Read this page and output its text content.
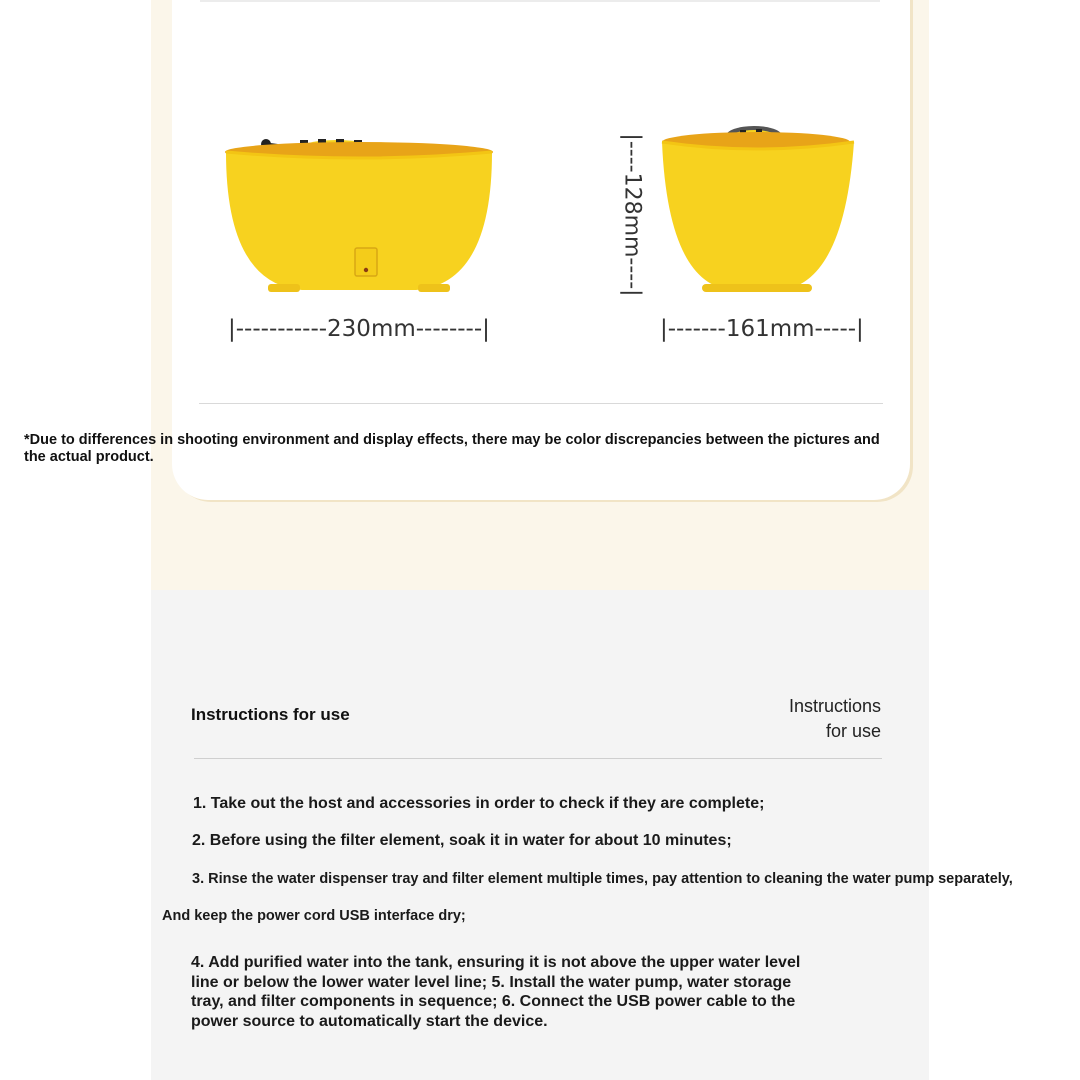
|-----------230mm--------|	|-------161mm-----|
|----128mm----|
*Due to differences in shooting environment and display effects, there may be color discrepancies between the pictures and the actual product.
Instructions for use	Instructions
for use
1. Take out the host and accessories in order to check if they are complete;
2. Before using the filter element, soak it in water for about 10 minutes;
3. Rinse the water dispenser tray and filter element multiple times, pay attention to cleaning the water pump separately,
And keep the power cord USB interface dry;
4. Add purified water into the tank, ensuring it is not above the upper water level line or below the lower water level line; 5. Install the water pump, water storage tray, and filter components in sequence; 6. Connect the USB power cable to the power source to automatically start the device.
